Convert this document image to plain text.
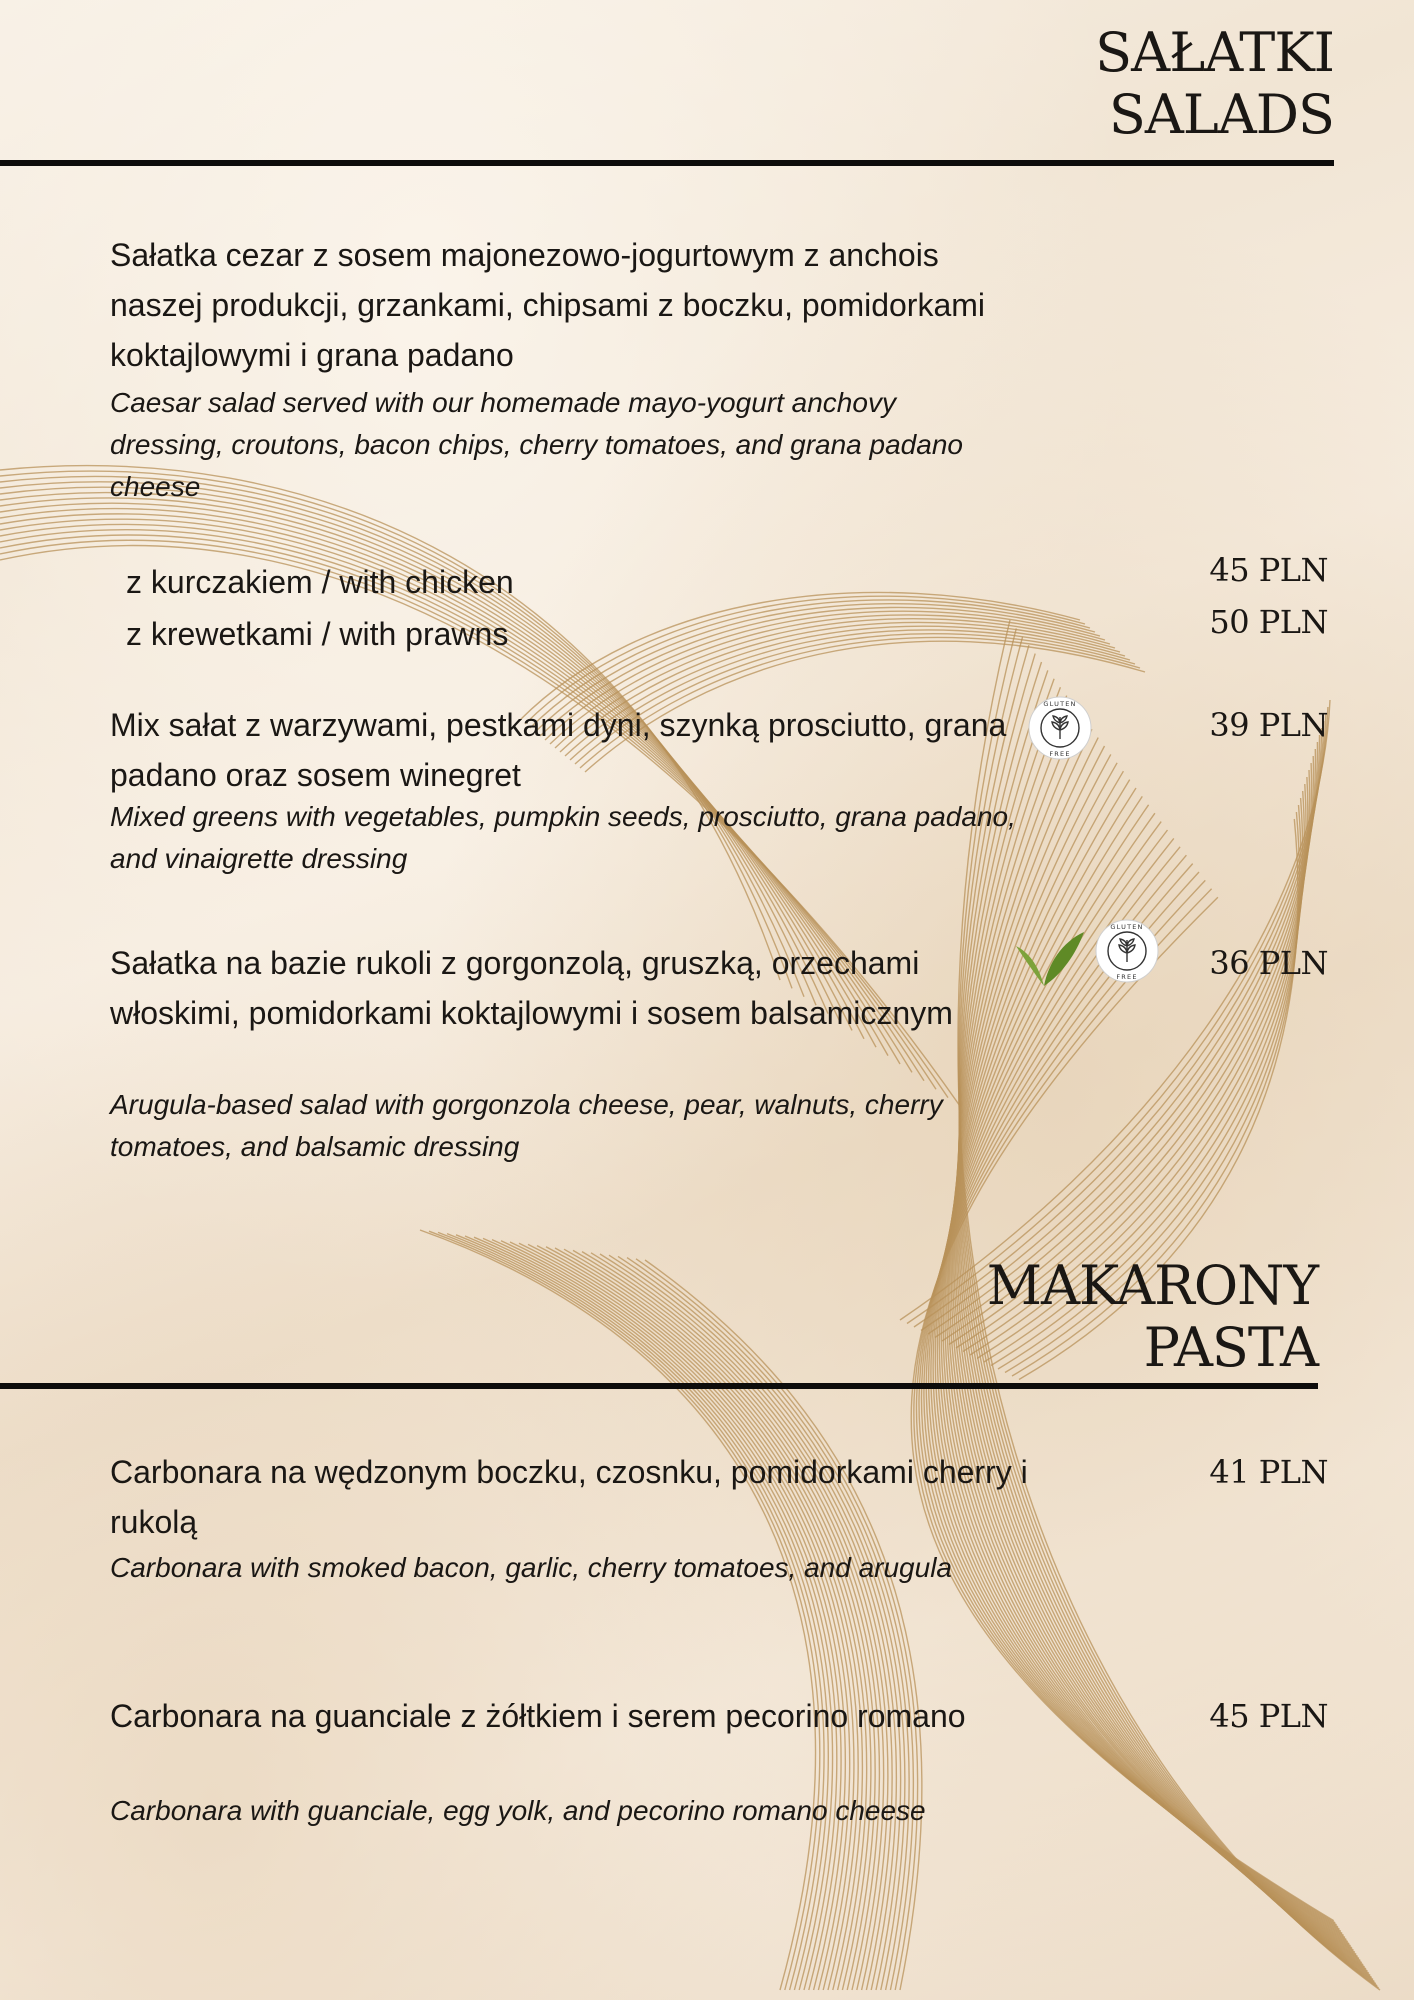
SAŁATKI
SALADS

Sałatka cezar z sosem majonezowo-jogurtowym z anchois naszej produkcji, grzankami, chipsami z boczku, pomidorkami koktajlowymi i grana padano

Caesar salad served with our homemade mayo-yogurt anchovy dressing, croutons, bacon chips, cherry tomatoes, and grana padano cheese

z kurczakiem / with chicken	45 PLN

z krewetkami / with prawns	50 PLN

Mix sałat z warzywami, pestkami dyni, szynką prosciutto, grana padano oraz sosem winegret

Mixed greens with vegetables, pumpkin seeds, prosciutto, grana padano, and vinaigrette dressing

GLUTEN
FREE

39 PLN

Sałatka na bazie rukoli z gorgonzolą, gruszką, orzechami włoskimi, pomidorkami koktajlowymi i sosem balsamicznym

Arugula-based salad with gorgonzola cheese, pear, walnuts, cherry tomatoes, and balsamic dressing

GLUTEN
FREE 36 PLN

MAKARONY
PASTA

Carbonara na wędzonym boczku, czosnku, pomidorkami cherry i rukolą

Carbonara with smoked bacon, garlic, cherry tomatoes, and arugula

41 PLN

Carbonara na guanciale z żółtkiem i serem pecorino romano

Carbonara with guanciale, egg yolk, and pecorino romano cheese

45 PLN
